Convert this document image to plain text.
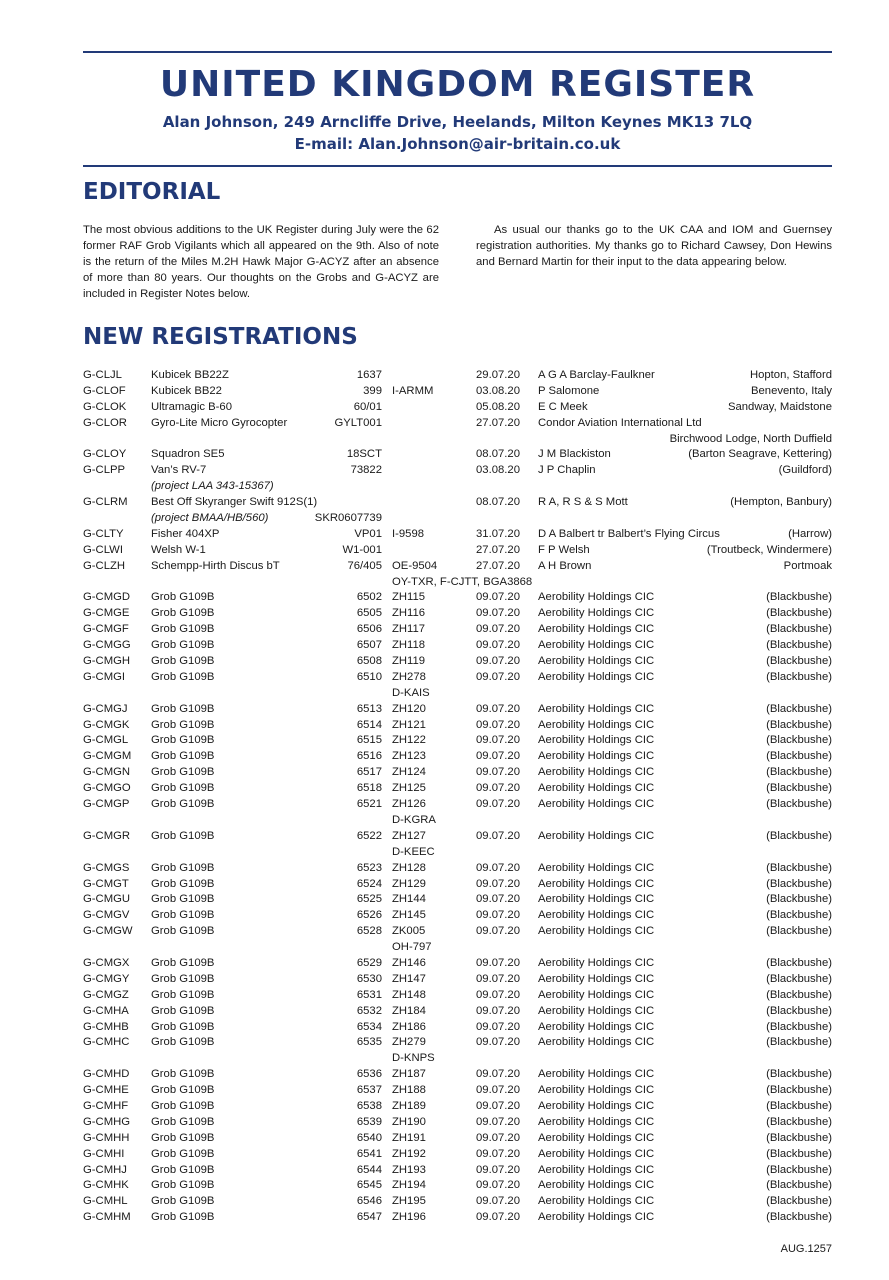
UNITED KINGDOM REGISTER
Alan Johnson, 249 Arncliffe Drive, Heelands, Milton Keynes MK13 7LQ
E-mail: Alan.Johnson@air-britain.co.uk
EDITORIAL

The most obvious additions to the UK Register during July were the 62 former RAF Grob Vigilants which all appeared on the 9th. Also of note is the return of the Miles M.2H Hawk Major G-ACYZ after an absence of more than 80 years. Our thoughts on the Grobs and G-ACYZ are included in Register Notes below.

As usual our thanks go to the UK CAA and IOM and Guernsey registration authorities. My thanks go to Richard Cawsey, Don Hewins and Bernard Martin for their input to the data appearing below.

NEW REGISTRATIONS
G-CLJL	Kubicek BB22Z	1637	29.07.20 A G A Barclay-Faulkner	Hopton, Stafford
G-CLOF Kubicek BB22	399 I-ARMM	03.08.20 P Salomone	Benevento, Italy
G-CLOK Ultramagic B-60	60/01	05.08.20 E C Meek	Sandway, Maidstone
G-CLOR Gyro-Lite Micro Gyrocopter	GYLT001	27.07.20 Condor Aviation International Ltd
Birchwood Lodge, North Duffield
G-CLOY Squadron SE5	18SCT	08.07.20 J M Blackiston	(Barton Seagrave, Kettering)
G-CLPP Van’s RV-7	73822	03.08.20 J P Chaplin	(Guildford)
(project LAA 343-15367)
G-CLRM Best Off Skyranger Swift 912S(1)	08.07.20 R A, R S & S Mott	(Hempton, Banbury)
(project BMAA/HB/560)	SKR0607739
G-CLTY Fisher 404XP	VP01 I-9598	31.07.20 D A Balbert tr Balbert’s Flying Circus	(Harrow)
G-CLWI Welsh W-1	W1-001	27.07.20 F P Welsh	(Troutbeck, Windermere)
G-CLZH Schempp-Hirth Discus bT	76/405 OE-9504	27.07.20 A H Brown	Portmoak
OY-TXR, F-CJTT, BGA3868
G-CMGD Grob G109B	6502 ZH115	09.07.20 Aerobility Holdings CIC	(Blackbushe)
G-CMGE Grob G109B	6505 ZH116	09.07.20 Aerobility Holdings CIC	(Blackbushe)
G-CMGF Grob G109B	6506 ZH117	09.07.20 Aerobility Holdings CIC	(Blackbushe)
G-CMGG Grob G109B	6507 ZH118	09.07.20 Aerobility Holdings CIC	(Blackbushe)
G-CMGH Grob G109B	6508 ZH119	09.07.20 Aerobility Holdings CIC	(Blackbushe)
G-CMGI Grob G109B	6510 ZH278	09.07.20 Aerobility Holdings CIC	(Blackbushe)
D-KAIS
G-CMGJ Grob G109B	6513 ZH120	09.07.20 Aerobility Holdings CIC	(Blackbushe)
G-CMGK Grob G109B	6514 ZH121	09.07.20 Aerobility Holdings CIC	(Blackbushe)
G-CMGL Grob G109B	6515 ZH122	09.07.20 Aerobility Holdings CIC	(Blackbushe)
G-CMGM Grob G109B	6516 ZH123	09.07.20 Aerobility Holdings CIC	(Blackbushe)
G-CMGN Grob G109B	6517 ZH124	09.07.20 Aerobility Holdings CIC	(Blackbushe)
G-CMGO Grob G109B	6518 ZH125	09.07.20 Aerobility Holdings CIC	(Blackbushe)
G-CMGP Grob G109B	6521 ZH126	09.07.20 Aerobility Holdings CIC	(Blackbushe)
D-KGRA
G-CMGR Grob G109B	6522 ZH127	09.07.20 Aerobility Holdings CIC	(Blackbushe)
D-KEEC
G-CMGS Grob G109B	6523 ZH128	09.07.20 Aerobility Holdings CIC	(Blackbushe)
G-CMGT Grob G109B	6524 ZH129	09.07.20 Aerobility Holdings CIC	(Blackbushe)
G-CMGU Grob G109B	6525 ZH144	09.07.20 Aerobility Holdings CIC	(Blackbushe)
G-CMGV Grob G109B	6526 ZH145	09.07.20 Aerobility Holdings CIC	(Blackbushe)
G-CMGW Grob G109B	6528 ZK005	09.07.20 Aerobility Holdings CIC	(Blackbushe)
OH-797
G-CMGX Grob G109B	6529 ZH146	09.07.20 Aerobility Holdings CIC	(Blackbushe)
G-CMGY Grob G109B	6530 ZH147	09.07.20 Aerobility Holdings CIC	(Blackbushe)
G-CMGZ Grob G109B	6531 ZH148	09.07.20 Aerobility Holdings CIC	(Blackbushe)
G-CMHA Grob G109B	6532 ZH184	09.07.20 Aerobility Holdings CIC	(Blackbushe)
G-CMHB Grob G109B	6534 ZH186	09.07.20 Aerobility Holdings CIC	(Blackbushe)
G-CMHC Grob G109B	6535 ZH279	09.07.20 Aerobility Holdings CIC	(Blackbushe)
D-KNPS
G-CMHD Grob G109B	6536 ZH187	09.07.20 Aerobility Holdings CIC	(Blackbushe)
G-CMHE Grob G109B	6537 ZH188	09.07.20 Aerobility Holdings CIC	(Blackbushe)
G-CMHF Grob G109B	6538 ZH189	09.07.20 Aerobility Holdings CIC	(Blackbushe)
G-CMHG Grob G109B	6539 ZH190	09.07.20 Aerobility Holdings CIC	(Blackbushe)
G-CMHH Grob G109B	6540 ZH191	09.07.20 Aerobility Holdings CIC	(Blackbushe)
G-CMHI Grob G109B	6541 ZH192	09.07.20 Aerobility Holdings CIC	(Blackbushe)
G-CMHJ Grob G109B	6544 ZH193	09.07.20 Aerobility Holdings CIC	(Blackbushe)
G-CMHK Grob G109B	6545 ZH194	09.07.20 Aerobility Holdings CIC	(Blackbushe)
G-CMHL Grob G109B	6546 ZH195	09.07.20 Aerobility Holdings CIC	(Blackbushe)
G-CMHM Grob G109B	6547 ZH196	09.07.20 Aerobility Holdings CIC	(Blackbushe)
AUG.1257
